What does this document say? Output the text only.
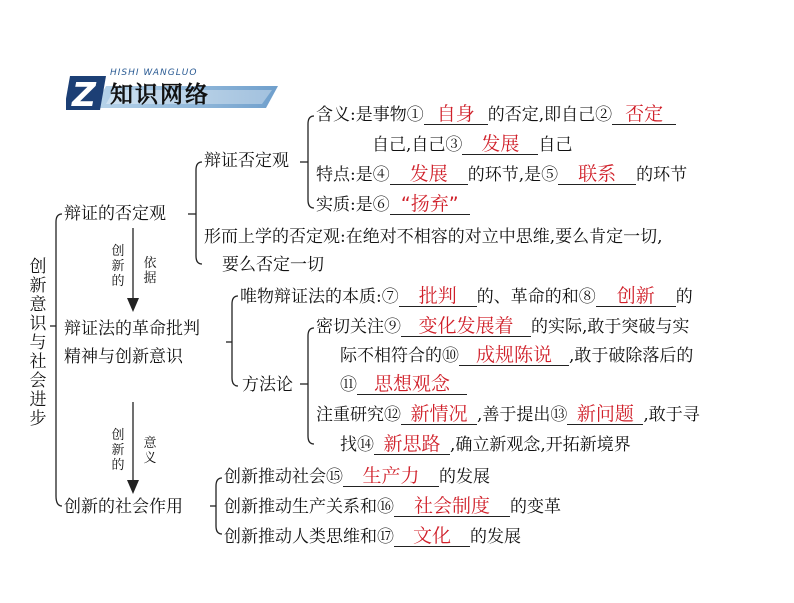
Z
HISHI WANGLUO
知识网络
创新意识与社会进步
辩证的否定观
辩证否定观
含义:是事物① 自身 的否定,即自己② 否定
自己,自己③ 发展 自己
特点:是④ 发展 的环节,是⑤ 联系 的环节
实质:是⑥ “扬弃”
形而上学的否定观:在绝对不相容的对立中思维,要么肯定一切,
要么否定一切
创新的
依据
辩证法的革命批判
精神与创新意识
唯物辩证法的本质:⑦ 批判 的、革命的和⑧ 创新 的
方法论
密切关注⑨ 变化发展着 的实际,敢于突破与实
际不相符合的⑩ 成规陈说 ,敢于破除落后的
⑪ 思想观念
注重研究⑫ 新情况 ,善于提出⑬ 新问题 ,敢于寻
找⑭ 新思路 ,确立新观念,开拓新境界
创新的
意义
创新的社会作用
创新推动社会⑮ 生产力 的发展
创新推动生产关系和⑯ 社会制度 的变革
创新推动人类思维和⑰ 文化 的发展
